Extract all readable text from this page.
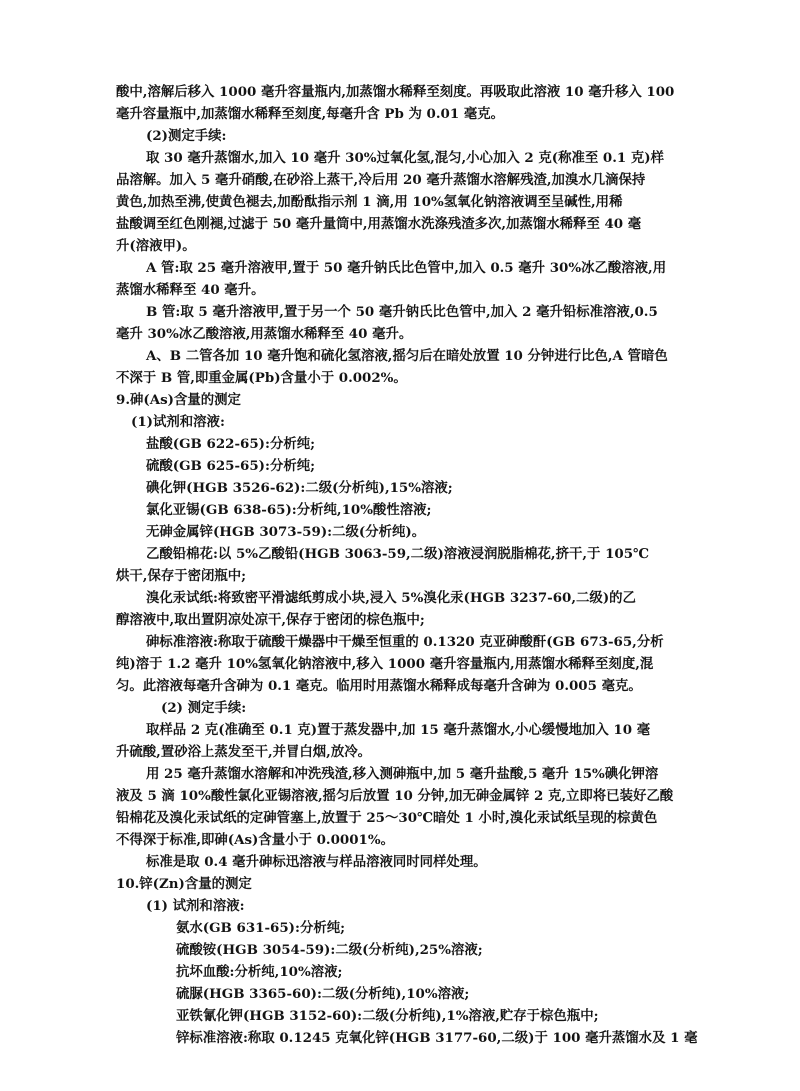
酸中,溶解后移入 1000 毫升容量瓶内,加蒸馏水稀释至刻度。再吸取此溶液 10 毫升移入 100
毫升容量瓶中,加蒸馏水稀释至刻度,每毫升含 Pb 为 0.01 毫克。
(2)测定手续:
取 30 毫升蒸馏水,加入 10 毫升 30%过氧化氢,混匀,小心加入 2 克(称准至 0.1 克)样
品溶解。加入 5 毫升硝酸,在砂浴上蒸干,冷后用 20 毫升蒸馏水溶解残渣,加溴水几滴保持
黄色,加热至沸,使黄色褪去,加酚酞指示剂 1 滴,用 10%氢氧化钠溶液调至呈碱性,用稀
盐酸调至红色刚褪,过滤于 50 毫升量筒中,用蒸馏水洗涤残渣多次,加蒸馏水稀释至 40 毫
升(溶液甲)。
A 管:取 25 毫升溶液甲,置于 50 毫升钠氏比色管中,加入 0.5 毫升 30%冰乙酸溶液,用
蒸馏水稀释至 40 毫升。
B 管:取 5 毫升溶液甲,置于另一个 50 毫升钠氏比色管中,加入 2 毫升铅标准溶液,0.5
毫升 30%冰乙酸溶液,用蒸馏水稀释至 40 毫升。
A、B 二管各加 10 毫升饱和硫化氢溶液,摇匀后在暗处放置 10 分钟进行比色,A 管暗色
不深于 B 管,即重金属(Pb)含量小于 0.002%。
9.砷(As)含量的测定
(1)试剂和溶液:
盐酸(GB 622-65):分析纯;
硫酸(GB 625-65):分析纯;
碘化钾(HGB 3526-62):二级(分析纯),15%溶液;
氯化亚锡(GB 638-65):分析纯,10%酸性溶液;
无砷金属锌(HGB 3073-59):二级(分析纯)。
乙酸铅棉花:以 5%乙酸铅(HGB 3063-59,二级)溶液浸润脱脂棉花,挤干,于 105℃
烘干,保存于密闭瓶中;
溴化汞试纸:将致密平滑滤纸剪成小块,浸入 5%溴化汞(HGB 3237-60,二级)的乙
醇溶液中,取出置阴凉处凉干,保存于密闭的棕色瓶中;
砷标准溶液:称取于硫酸干燥器中干燥至恒重的 0.1320 克亚砷酸酐(GB 673-65,分析
纯)溶于 1.2 毫升 10%氢氧化钠溶液中,移入 1000 毫升容量瓶内,用蒸馏水稀释至刻度,混
匀。此溶液每毫升含砷为 0.1 毫克。临用时用蒸馏水稀释成每毫升含砷为 0.005 毫克。
(2) 测定手续:
取样品 2 克(准确至 0.1 克)置于蒸发器中,加 15 毫升蒸馏水,小心缓慢地加入 10 毫
升硫酸,置砂浴上蒸发至干,并冒白烟,放冷。
用 25 毫升蒸馏水溶解和冲洗残渣,移入测砷瓶中,加 5 毫升盐酸,5 毫升 15%碘化钾溶
液及 5 滴 10%酸性氯化亚锡溶液,摇匀后放置 10 分钟,加无砷金属锌 2 克,立即将已装好乙酸
铅棉花及溴化汞试纸的定砷管塞上,放置于 25～30℃暗处 1 小时,溴化汞试纸呈现的棕黄色
不得深于标准,即砷(As)含量小于 0.0001%。
标准是取 0.4 毫升砷标迅溶液与样品溶液同时同样处理。
10.锌(Zn)含量的测定
(1) 试剂和溶液:
氨水(GB 631-65):分析纯;
硫酸铵(HGB 3054-59):二级(分析纯),25%溶液;
抗坏血酸:分析纯,10%溶液;
硫脲(HGB 3365-60):二级(分析纯),10%溶液;
亚铁氰化钾(HGB 3152-60):二级(分析纯),1%溶液,贮存于棕色瓶中;
锌标准溶液:称取 0.1245 克氧化锌(HGB 3177-60,二级)于 100 毫升蒸馏水及 1 毫
